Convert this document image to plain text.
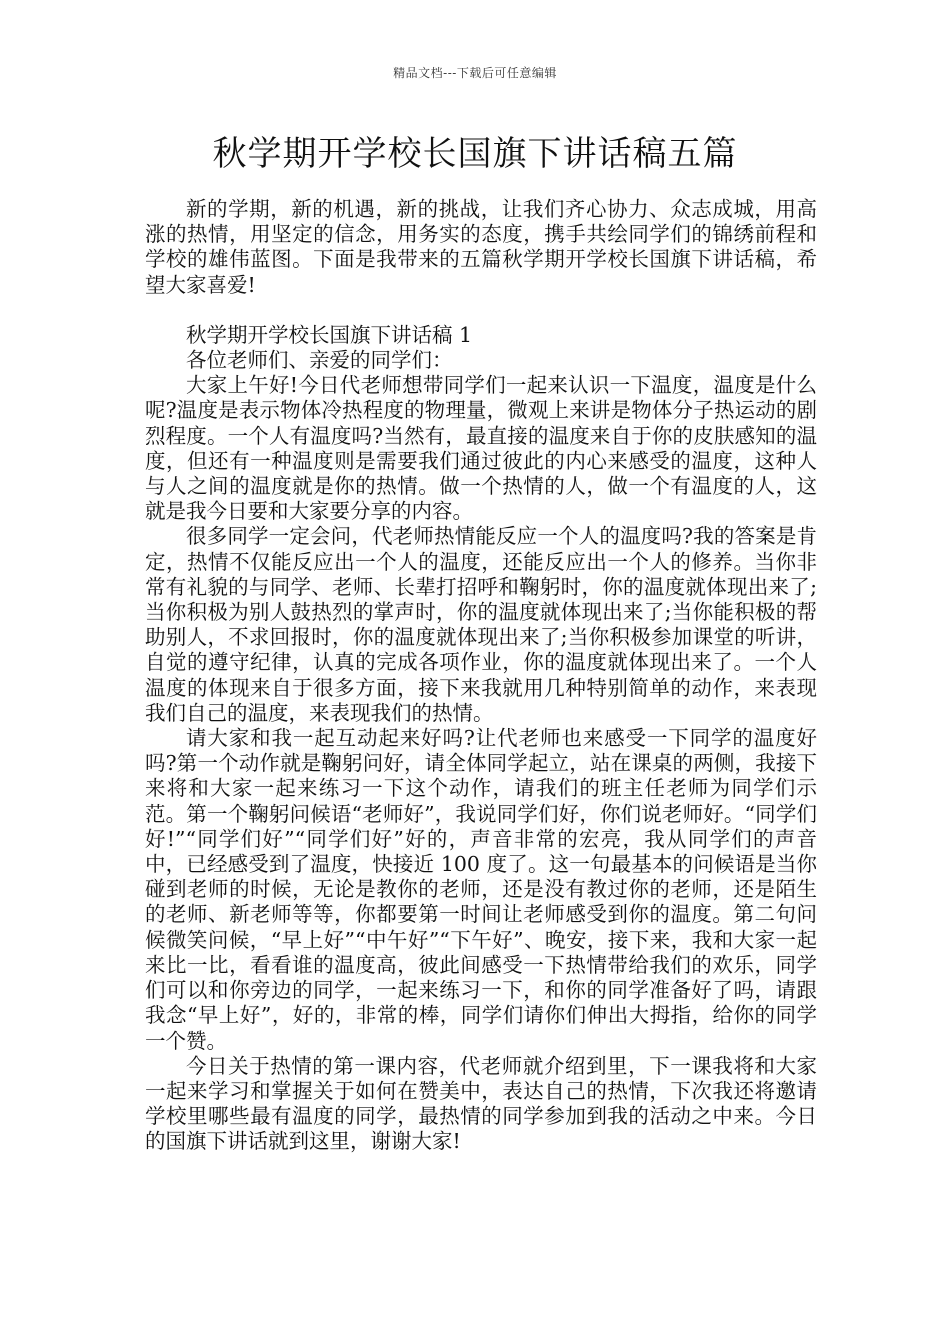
精品文档---下载后可任意编辑
秋学期开学校长国旗下讲话稿五篇

新的学期，新的机遇，新的挑战，让我们齐心协力、众志成城，用高涨的热情，用坚定的信念，用务实的态度，携手共绘同学们的锦绣前程和学校的雄伟蓝图。下面是我带来的五篇秋学期开学校长国旗下讲话稿，希望大家喜爱!

秋学期开学校长国旗下讲话稿 1

各位老师们、亲爱的同学们：

大家上午好!今日代老师想带同学们一起来认识一下温度，温度是什么呢?温度是表示物体冷热程度的物理量，微观上来讲是物体分子热运动的剧烈程度。一个人有温度吗?当然有，最直接的温度来自于你的皮肤感知的温度，但还有一种温度则是需要我们通过彼此的内心来感受的温度，这种人与人之间的温度就是你的热情。做一个热情的人，做一个有温度的人，这就是我今日要和大家要分享的内容。

很多同学一定会问，代老师热情能反应一个人的温度吗?我的答案是肯定，热情不仅能反应出一个人的温度，还能反应出一个人的修养。当你非常有礼貌的与同学、老师、长辈打招呼和鞠躬时，你的温度就体现出来了;当你积极为别人鼓热烈的掌声时，你的温度就体现出来了;当你能积极的帮助别人，不求回报时，你的温度就体现出来了;当你积极参加课堂的听讲，自觉的遵守纪律，认真的完成各项作业，你的温度就体现出来了。一个人温度的体现来自于很多方面，接下来我就用几种特别简单的动作，来表现我们自己的温度，来表现我们的热情。

请大家和我一起互动起来好吗?让代老师也来感受一下同学的温度好吗?第一个动作就是鞠躬问好，请全体同学起立，站在课桌的两侧，我接下来将和大家一起来练习一下这个动作，请我们的班主任老师为同学们示范。第一个鞠躬问候语“老师好”，我说同学们好，你们说老师好。“同学们好!”“同学们好”“同学们好”好的，声音非常的宏亮，我从同学们的声音中，已经感受到了温度，快接近 100 度了。这一句最基本的问候语是当你碰到老师的时候，无论是教你的老师，还是没有教过你的老师，还是陌生的老师、新老师等等，你都要第一时间让老师感受到你的温度。第二句问候微笑问候，“早上好”“中午好”“下午好”、晚安，接下来，我和大家一起来比一比，看看谁的温度高，彼此间感受一下热情带给我们的欢乐，同学们可以和你旁边的同学，一起来练习一下，和你的同学准备好了吗，请跟我念“早上好”，好的，非常的棒，同学们请你们伸出大拇指，给你的同学一个赞。

今日关于热情的第一课内容，代老师就介绍到里，下一课我将和大家一起来学习和掌握关于如何在赞美中，表达自己的热情，下次我还将邀请学校里哪些最有温度的同学，最热情的同学参加到我的活动之中来。今日的国旗下讲话就到这里，谢谢大家!
